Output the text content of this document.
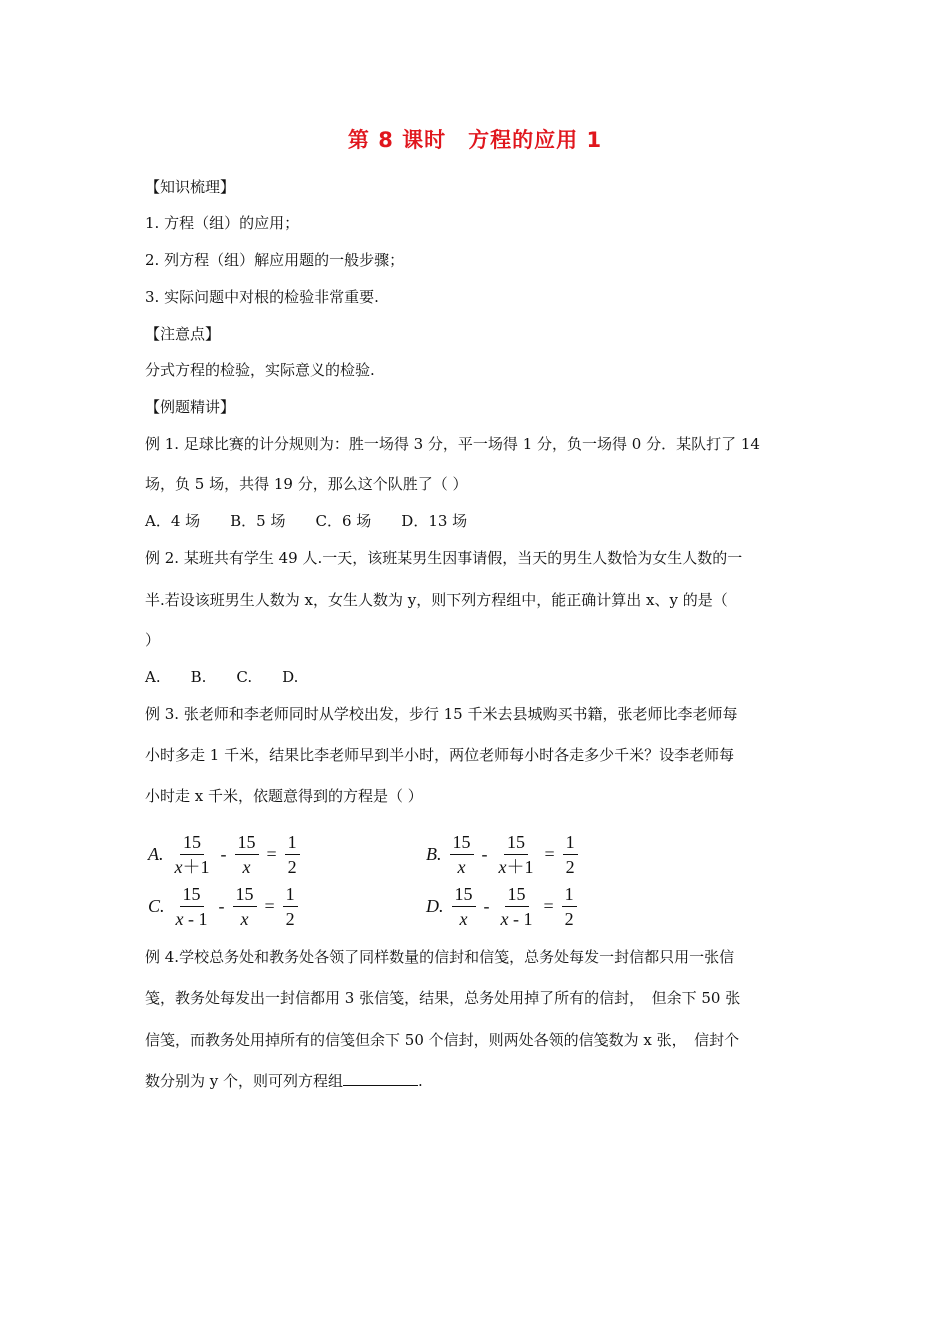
第 8 课时　方程的应用 1
【知识梳理】
1. 方程（组）的应用；
2. 列方程（组）解应用题的一般步骤；
3. 实际问题中对根的检验非常重要.
【注意点】
分式方程的检验，实际意义的检验.
【例题精讲】
例 1. 足球比赛的计分规则为：胜一场得 3 分，平一场得 1 分，负一场得 0 分．某队打了 14
场，负 5 场，共得 19 分，那么这个队胜了（ ）
A．4 场 B．5 场 C．6 场 D．13 场
例 2. 某班共有学生 49 人.一天，该班某男生因事请假，当天的男生人数恰为女生人数的一
半.若设该班男生人数为 x，女生人数为 y，则下列方程组中，能正确计算出 x、y 的是（
）
A. B. C. D.
例 3. 张老师和李老师同时从学校出发，步行 15 千米去县城购买书籍，张老师比李老师每
小时多走 1 千米，结果比李老师早到半小时，两位老师每小时各走多少千米？设李老师每
小时走 x 千米，依题意得到的方程是（ ）
A. $\frac{15}{x+1} - \frac{15}{x} = \frac{1}{2}$	B. $\frac{15}{x} - \frac{15}{x+1} = \frac{1}{2}$
C. $\frac{15}{x - 1} - \frac{15}{x} = \frac{1}{2}$	D. $\frac{15}{x} - \frac{15}{x - 1} = \frac{1}{2}$
例 4.学校总务处和教务处各领了同样数量的信封和信笺，总务处每发一封信都只用一张信
笺，教务处每发出一封信都用 3 张信笺，结果，总务处用掉了所有的信封，　但余下 50 张
信笺，而教务处用掉所有的信笺但余下 50 个信封，则两处各领的信笺数为 x 张，　信封个
数分别为 y 个，则可列方程组	.
